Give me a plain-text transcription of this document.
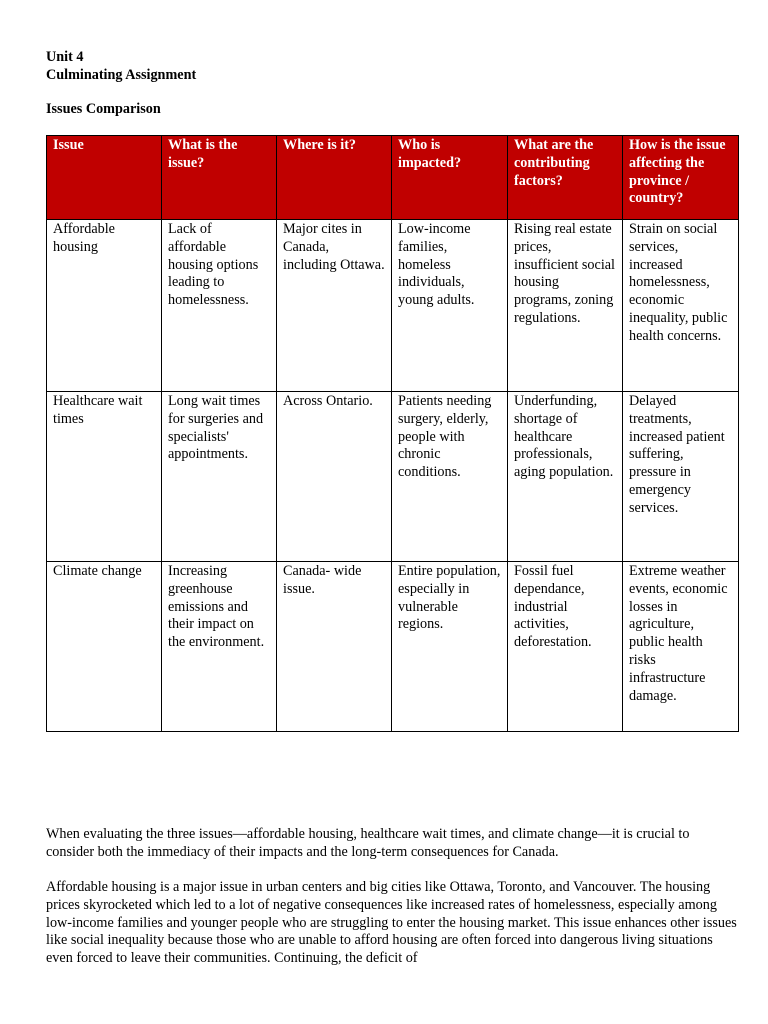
Unit 4

Culminating Assignment

Issues Comparison

Issue	What is the issue?	Where is it?	Who is impacted?	What are the contributing factors?	How is the issue affecting the province / country?
Affordable housing	Lack of affordable housing options leading to homelessness.	Major cites in Canada, including Ottawa.	Low-income families, homeless individuals, young adults.	Rising real estate prices, insufficient social housing programs, zoning regulations.	Strain on social services, increased homelessness, economic inequality, public health concerns.
Healthcare wait times	Long wait times for surgeries and specialists' appointments.	Across Ontario.	Patients needing surgery, elderly, people with chronic conditions.	Underfunding, shortage of healthcare professionals, aging population.	Delayed treatments, increased patient suffering, pressure in emergency services.
Climate change	Increasing greenhouse emissions and their impact on the environment.	Canada- wide issue.	Entire population, especially in vulnerable regions.	Fossil fuel dependance, industrial activities, deforestation.	Extreme weather events, economic losses in agriculture, public health risks infrastructure damage.

When evaluating the three issues—affordable housing, healthcare wait times, and climate change—it is crucial to consider both the immediacy of their impacts and the long-term consequences for Canada.

Affordable housing is a major issue in urban centers and big cities like Ottawa, Toronto, and Vancouver. The housing prices skyrocketed which led to a lot of negative consequences like increased rates of homelessness, especially among low-income families and younger people who are struggling to enter the housing market. This issue enhances other issues like social inequality because those who are unable to afford housing are often forced into dangerous living situations even forced to leave their communities. Continuing, the deficit of
